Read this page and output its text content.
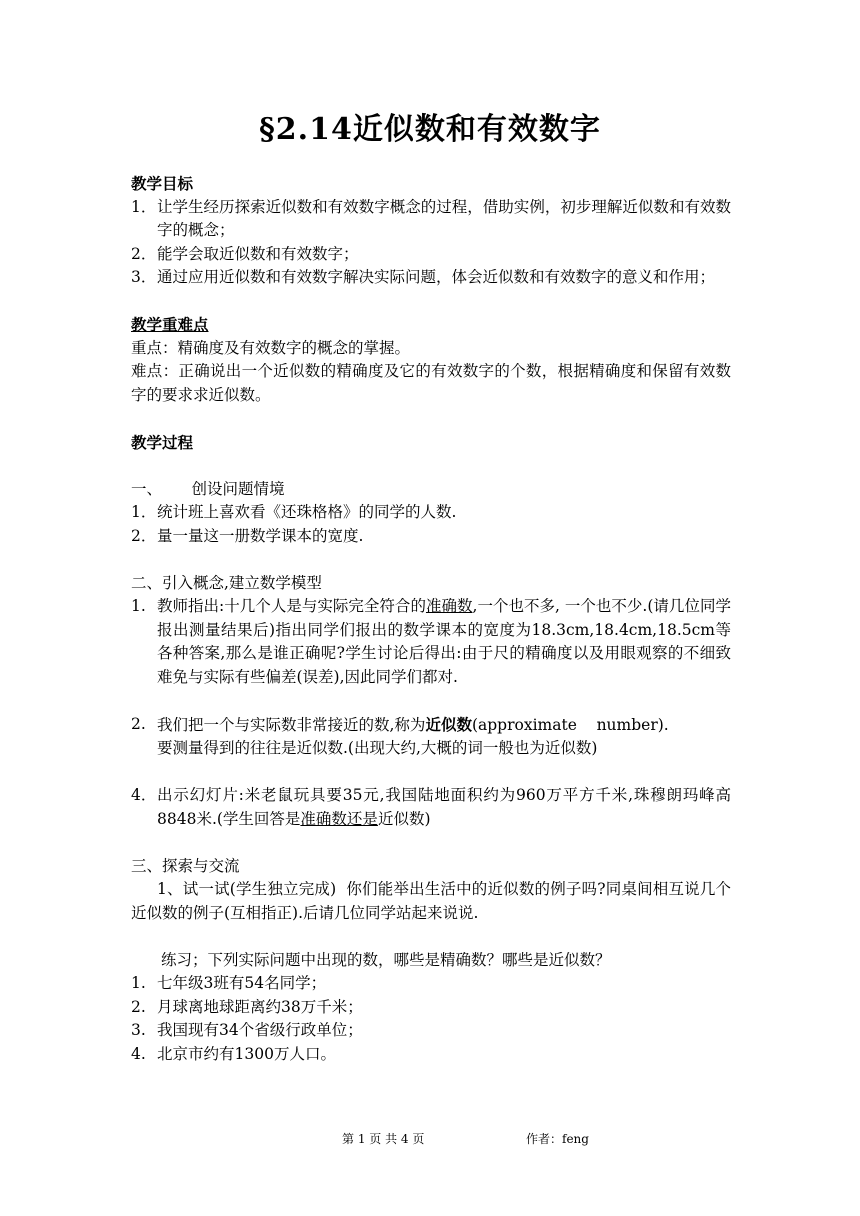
§2.14近似数和有效数字
教学目标
1． 让学生经历探索近似数和有效数字概念的过程，借助实例，初步理解近似数和有效数字的概念；
2． 能学会取近似数和有效数字；
3． 通过应用近似数和有效数字解决实际问题，体会近似数和有效数字的意义和作用；
教学重难点
重点：精确度及有效数字的概念的掌握。
难点：正确说出一个近似数的精确度及它的有效数字的个数，根据精确度和保留有效数字的要求求近似数。
教学过程
一、      创设问题情境
1． 统计班上喜欢看《还珠格格》的同学的人数.
2． 量一量这一册数学课本的宽度.
二、引入概念,建立数学模型
1. 教师指出:十几个人是与实际完全符合的准确数,一个也不多, 一个也不少.(请几位同学报出测量结果后)指出同学们报出的数学课本的宽度为18.3cm,18.4cm,18.5cm等各种答案,那么是谁正确呢?学生讨论后得出:由于尺的精确度以及用眼观察的不细致难免与实际有些偏差(误差),因此同学们都对.
2. 我们把一个与实际数非常接近的数,称为近似数(approximate    number).
要测量得到的往往是近似数.(出现大约,大概的词一般也为近似数)
4． 出示幻灯片:米老鼠玩具要35元,我国陆地面积约为960万平方千米,珠穆朗玛峰高8848米.(学生回答是准确数还是近似数)
三、探索与交流
1、试一试(学生独立完成)  你们能举出生活中的近似数的例子吗?同桌间相互说几个近似数的例子(互相指正).后请几位同学站起来说说.
练习；下列实际问题中出现的数，哪些是精确数？哪些是近似数？
1. 七年级3班有54名同学；
2. 月球离地球距离约38万千米；
3. 我国现有34个省级行政单位；
4. 北京市约有1300万人口。
第 1 页 共 4 页	作者：feng
